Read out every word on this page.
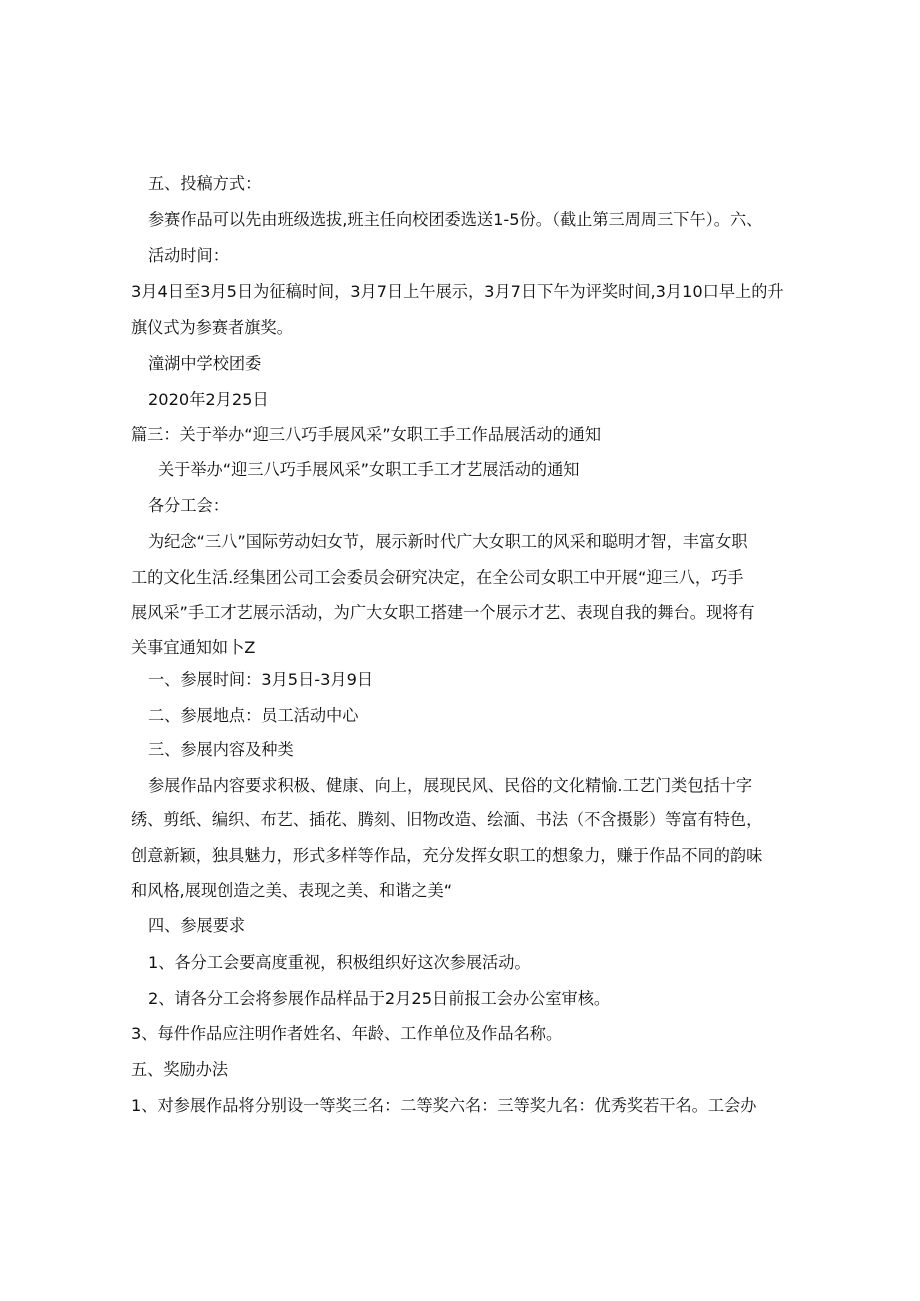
五、投稿方式：
参赛作品可以先由班级选拔,班主任向校团委选送1-5份。（截止第三周周三下午）。六、
活动时间：
3月4日至3月5日为征稿时间，3月7日上午展示，3月7日下午为评奖时间,3月10口早上的升
旗仪式为参赛者旗奖。
潼湖中学校团委
2020年2月25日
篇三：关于举办“迎三八巧手展风采”女职工手工作品展活动的通知
关于举办“迎三八巧手展风采”女职工手工才艺展活动的通知
各分工会：
为纪念“三八”国际劳动妇女节，展示新时代广大女职工的风采和聪明才智，丰富女职
工的文化生活.经集团公司工会委员会研究决定，在全公司女职工中开展“迎三八，巧手
展风采”手工才艺展示活动，为广大女职工搭建一个展示才艺、表现自我的舞台。现将有
关事宜通知如卜Z
一、参展时间：3月5日-3月9日
二、参展地点：员工活动中心
三、参展内容及种类
参展作品内容要求积极、健康、向上，展现民风、民俗的文化精愉.工艺门类包括十字
绣、剪纸、编织、布艺、插花、腾刻、旧物改造、绘湎、书法（不含摄影）等富有特色，
创意新颖，独具魅力，形式多样等作品，充分发挥女职工的想象力，赚于作品不同的韵味
和风格,展现创造之美、表现之美、和谐之美“
四、参展要求
1、各分工会要高度重视，积极组织好这次参展活动。
2、请各分工会将参展作品样品于2月25日前报工会办公室审核。
3、每件作品应注明作者姓名、年龄、工作单位及作品名称。
五、奖励办法
1、对参展作品将分别设一等奖三名：二等奖六名：三等奖九名：优秀奖若干名。工会办
